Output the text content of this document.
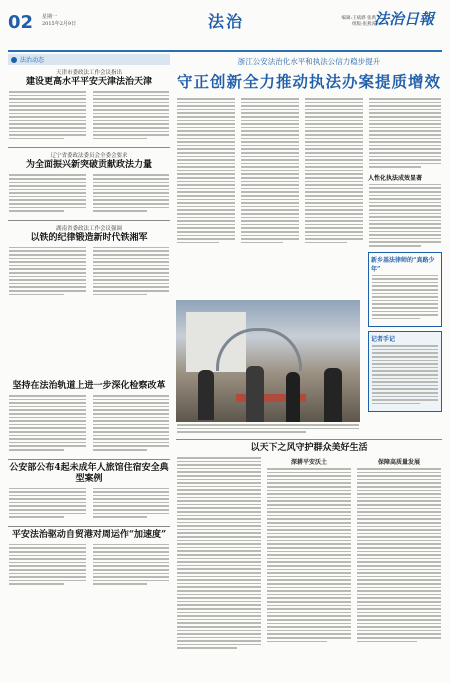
02 星期一
2015年2月9日	法治	编辑:王斌骅 张禹
组版:张燕涛
法治日報
法治动态
天津市委政法工作会议指出
建设更高水平平安天津法治天津
辽宁省委政法委员会全委会要求
为全面振兴新突破贡献政法力量
湖南省委政法工作会议强调
以铁的纪律锻造新时代铁湘军
坚持在法治轨道上进一步深化检察改革
公安部公布4起未成年人旅馆住宿安全典型案例
平安法治驱动自贸港对周运作“加速度”
浙江公安法治化水平和执法公信力稳步提升
守正创新全力推动执法办案提质增效
人性化执法成效显著
新乡基法律师的“真路少年”
记者手记
以天下之风守护群众美好生活
深耕平安沃土	保障高质量发展
